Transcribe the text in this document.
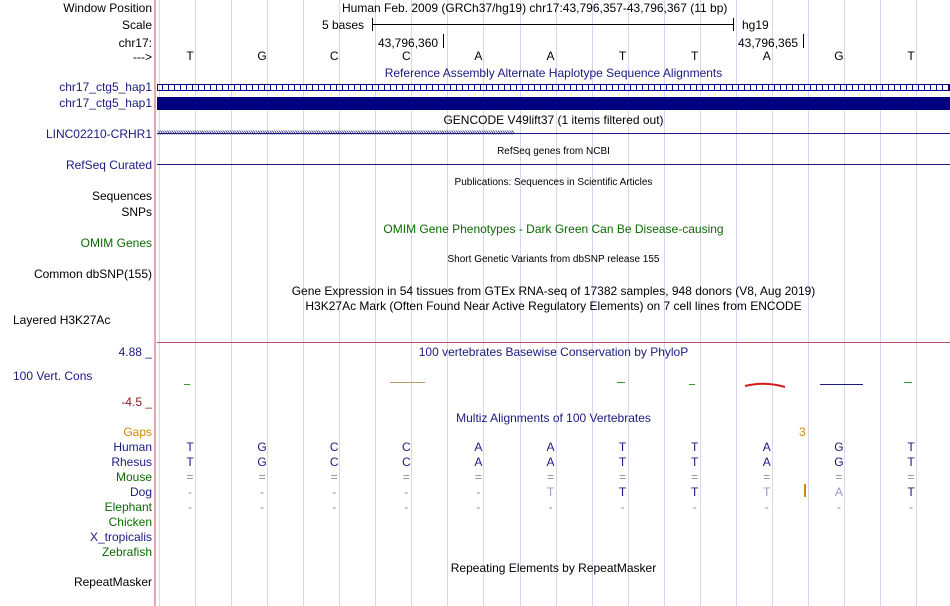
Window Position	Human Feb. 2009 (GRCh37/hg19) chr17:43,796,357-43,796,367 (11 bp)
Scale	5 bases	hg19
chr17:	43,796,360	43,796,365
--->	T	G	C	C	A	A	T	T	A	G	T
Reference Assembly Alternate Haplotype Sequence Alignments
chr17_ctg5_hap1
chr17_ctg5_hap1
GENCODE V49lift37 (1 items filtered out)
LINC02210-CRHR1
RefSeq genes from NCBI
RefSeq Curated
Publications: Sequences in Scientific Articles
Sequences
SNPs
OMIM Gene Phenotypes - Dark Green Can Be Disease-causing
OMIM Genes
Short Genetic Variants from dbSNP release 155
Common dbSNP(155)
Gene Expression in 54 tissues from GTEx RNA-seq of 17382 samples, 948 donors (V8, Aug 2019)
H3K27Ac Mark (Often Found Near Active Regulatory Elements) on 7 cell lines from ENCODE
Layered H3K27Ac
100 vertebrates Basewise Conservation by PhyloP
4.88 _
100 Vert. Cons
-4.5 _
Multiz Alignments of 100 Vertebrates
Gaps	3
Human	T	G	C	C	A	A	T	T	A	G	T
Rhesus	T	G	C	C	A	A	T	T	A	G	T
Mouse	=	=	=	=	=	=	=	=	=	=	=
Dog	-	-	-	-	-	T	T	T	T	A	T
Elephant	-	-	-	-	-	-	-	-	-	-	-
Chicken
X_tropicalis
Zebrafish
Repeating Elements by RepeatMasker
RepeatMasker
